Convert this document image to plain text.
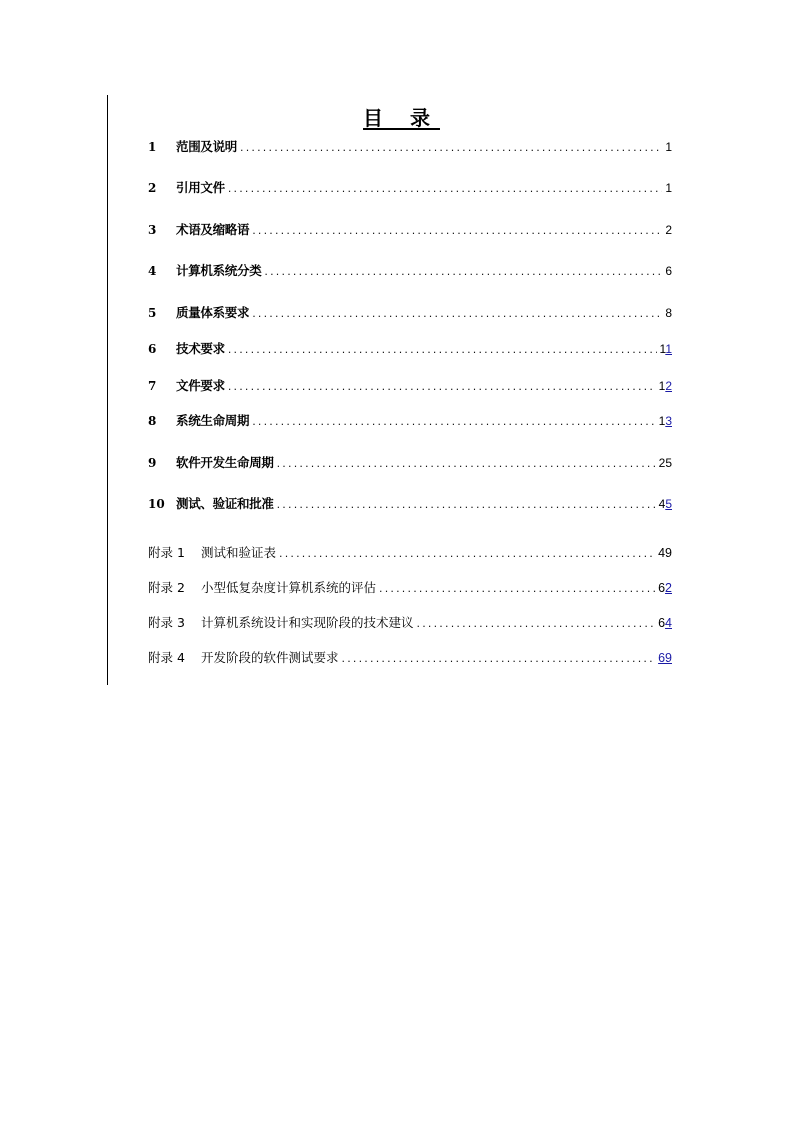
目 录
1	范围及说明 .....	1
2	引用文件 .....	1
3	术语及缩略语 .....	2
4	计算机系统分类 .....	6
5	质量体系要求 .....	8
6	技术要求 .....	11
7	文件要求 .....	12
8	系统生命周期 .....	13
9	软件开发生命周期 .....	25
10 测试、验证和批准 .....	45
附录 1	测试和验证表 .....	49
附录 2	小型低复杂度计算机系统的评估 .....	62
附录 3	计算机系统设计和实现阶段的技术建议 .....	64
附录 4	开发阶段的软件测试要求 .....	69
